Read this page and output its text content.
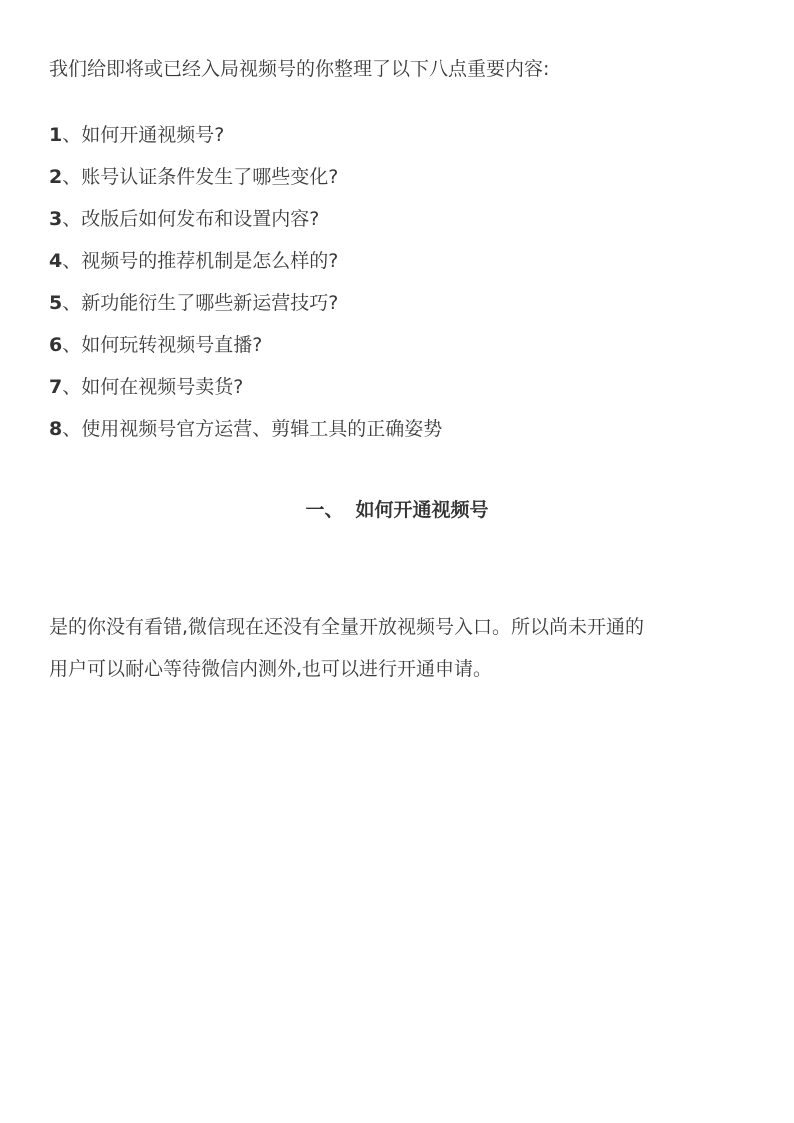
我们给即将或已经入局视频号的你整理了以下八点重要内容:
1、如何开通视频号?
2、账号认证条件发生了哪些变化?
3、改版后如何发布和设置内容?
4、视频号的推荐机制是怎么样的?
5、新功能衍生了哪些新运营技巧?
6、如何玩转视频号直播?
7、如何在视频号卖货?
8、使用视频号官方运营、剪辑工具的正确姿势
一、 如何开通视频号

是的你没有看错,微信现在还没有全量开放视频号入口。所以尚未开通的
用户可以耐心等待微信内测外,也可以进行开通申请。
